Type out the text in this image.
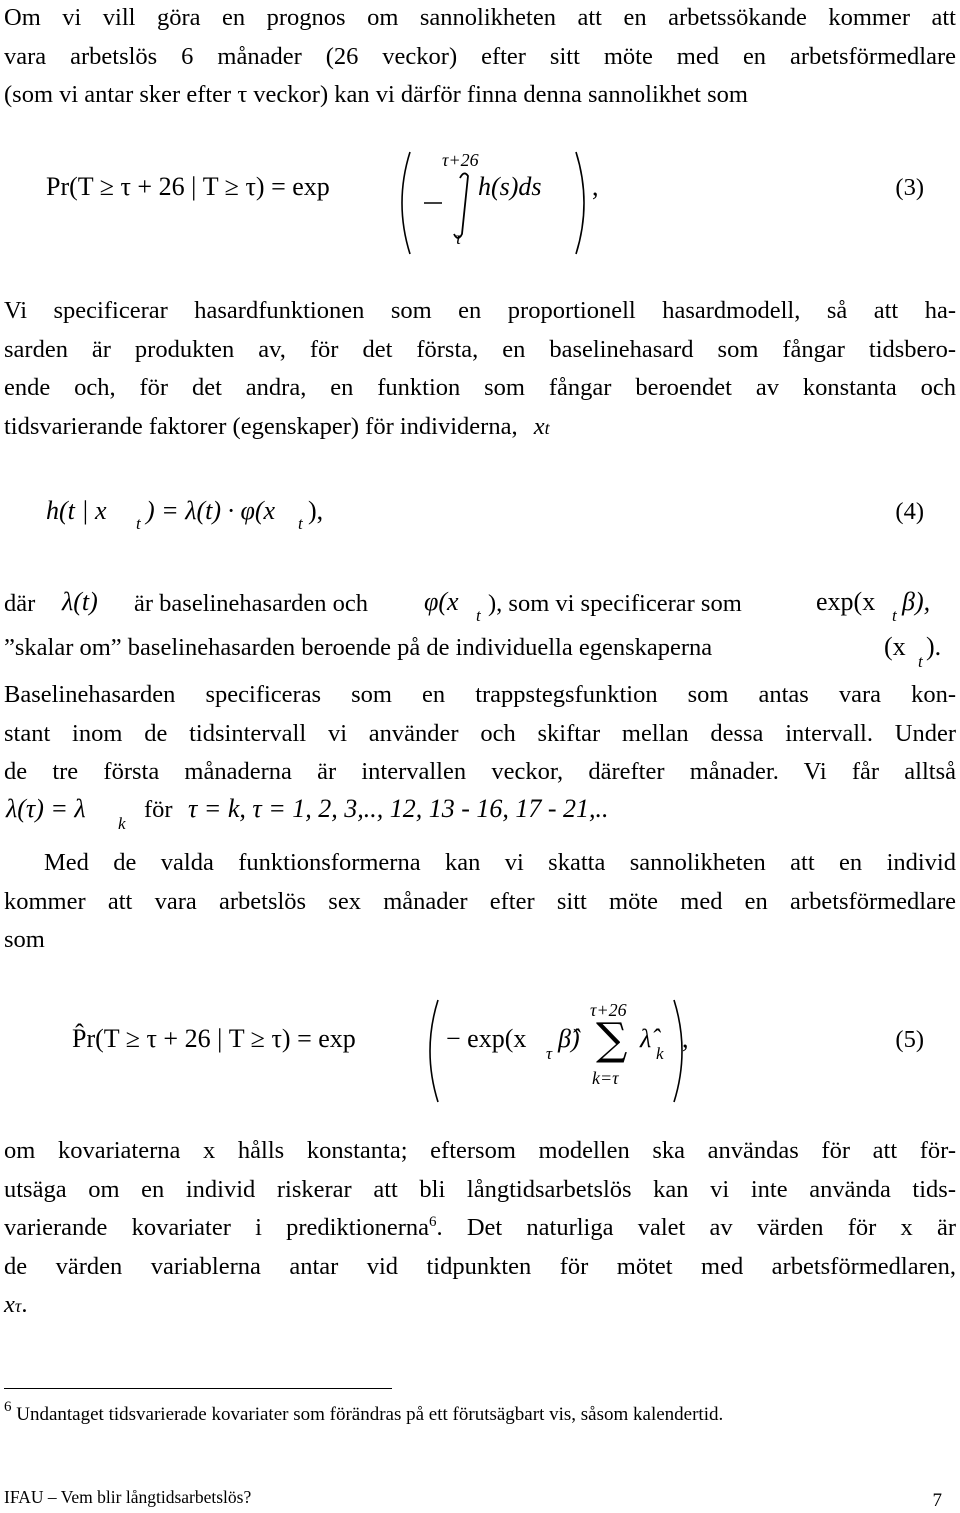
Om vi vill göra en prognos om sannolikheten att en arbetssökande kommer att
vara arbetslös 6 månader (26 veckor) efter sitt möte med en arbetsförmedlare
(som vi antar sker efter τ veckor) kan vi därför finna denna sannolikhet som
Pr(T ≥ τ + 26 | T ≥ τ) = exp	h(s)ds
τ+26
τ
,	(3)
Vi specificerar hasardfunktionen som en proportionell hasardmodell, så att ha-
sarden är produkten av, för det första, en baselinehasard som fångar tidsbero-
ende och, för det andra, en funktion som fångar beroendet av konstanta och
tidsvarierande faktorer (egenskaper) för individerna, xt
h(t | x t ) = λ(t) · φ(x t ),	(4)
där λ(t) är baselinehasarden och φ(x t ), som vi specificerar som	exp(x t β),
”skalar om” baselinehasarden beroende på de individuella egenskaperna	(x
t
).
Baselinehasarden specificeras som en trappstegsfunktion som antas vara kon-
stant inom de tidsintervall vi använder och skiftar mellan dessa intervall. Under
de tre första månaderna är intervallen veckor, därefter månader. Vi får alltså
λ(τ) = λ
k
för τ = k, τ = 1, 2, 3,.., 12, 13 - 16, 17 - 21,..
Med de valda funktionsformerna kan vi skatta sannolikheten att en individ
kommer att vara arbetslös sex månader efter sitt möte med en arbetsförmedlare
som
P̂r(T ≥ τ + 26 | T ≥ τ) = exp	− exp(x
τ
β̂) ∑
τ+26
k=τ
λ̂
k
,	(5)
om kovariaterna x hålls konstanta; eftersom modellen ska användas för att för-
utsäga om en individ riskerar att bli långtidsarbetslös kan vi inte använda tids-
varierande kovariater i prediktionerna$^6$. Det naturliga valet av värden för x är
de värden variablerna antar vid tidpunkten för mötet med arbetsförmedlaren,
xτ.
$^6$ Undantaget tidsvarierade kovariater som förändras på ett förutsägbart vis, såsom kalendertid.
IFAU – Vem blir långtidsarbetslös?	7
